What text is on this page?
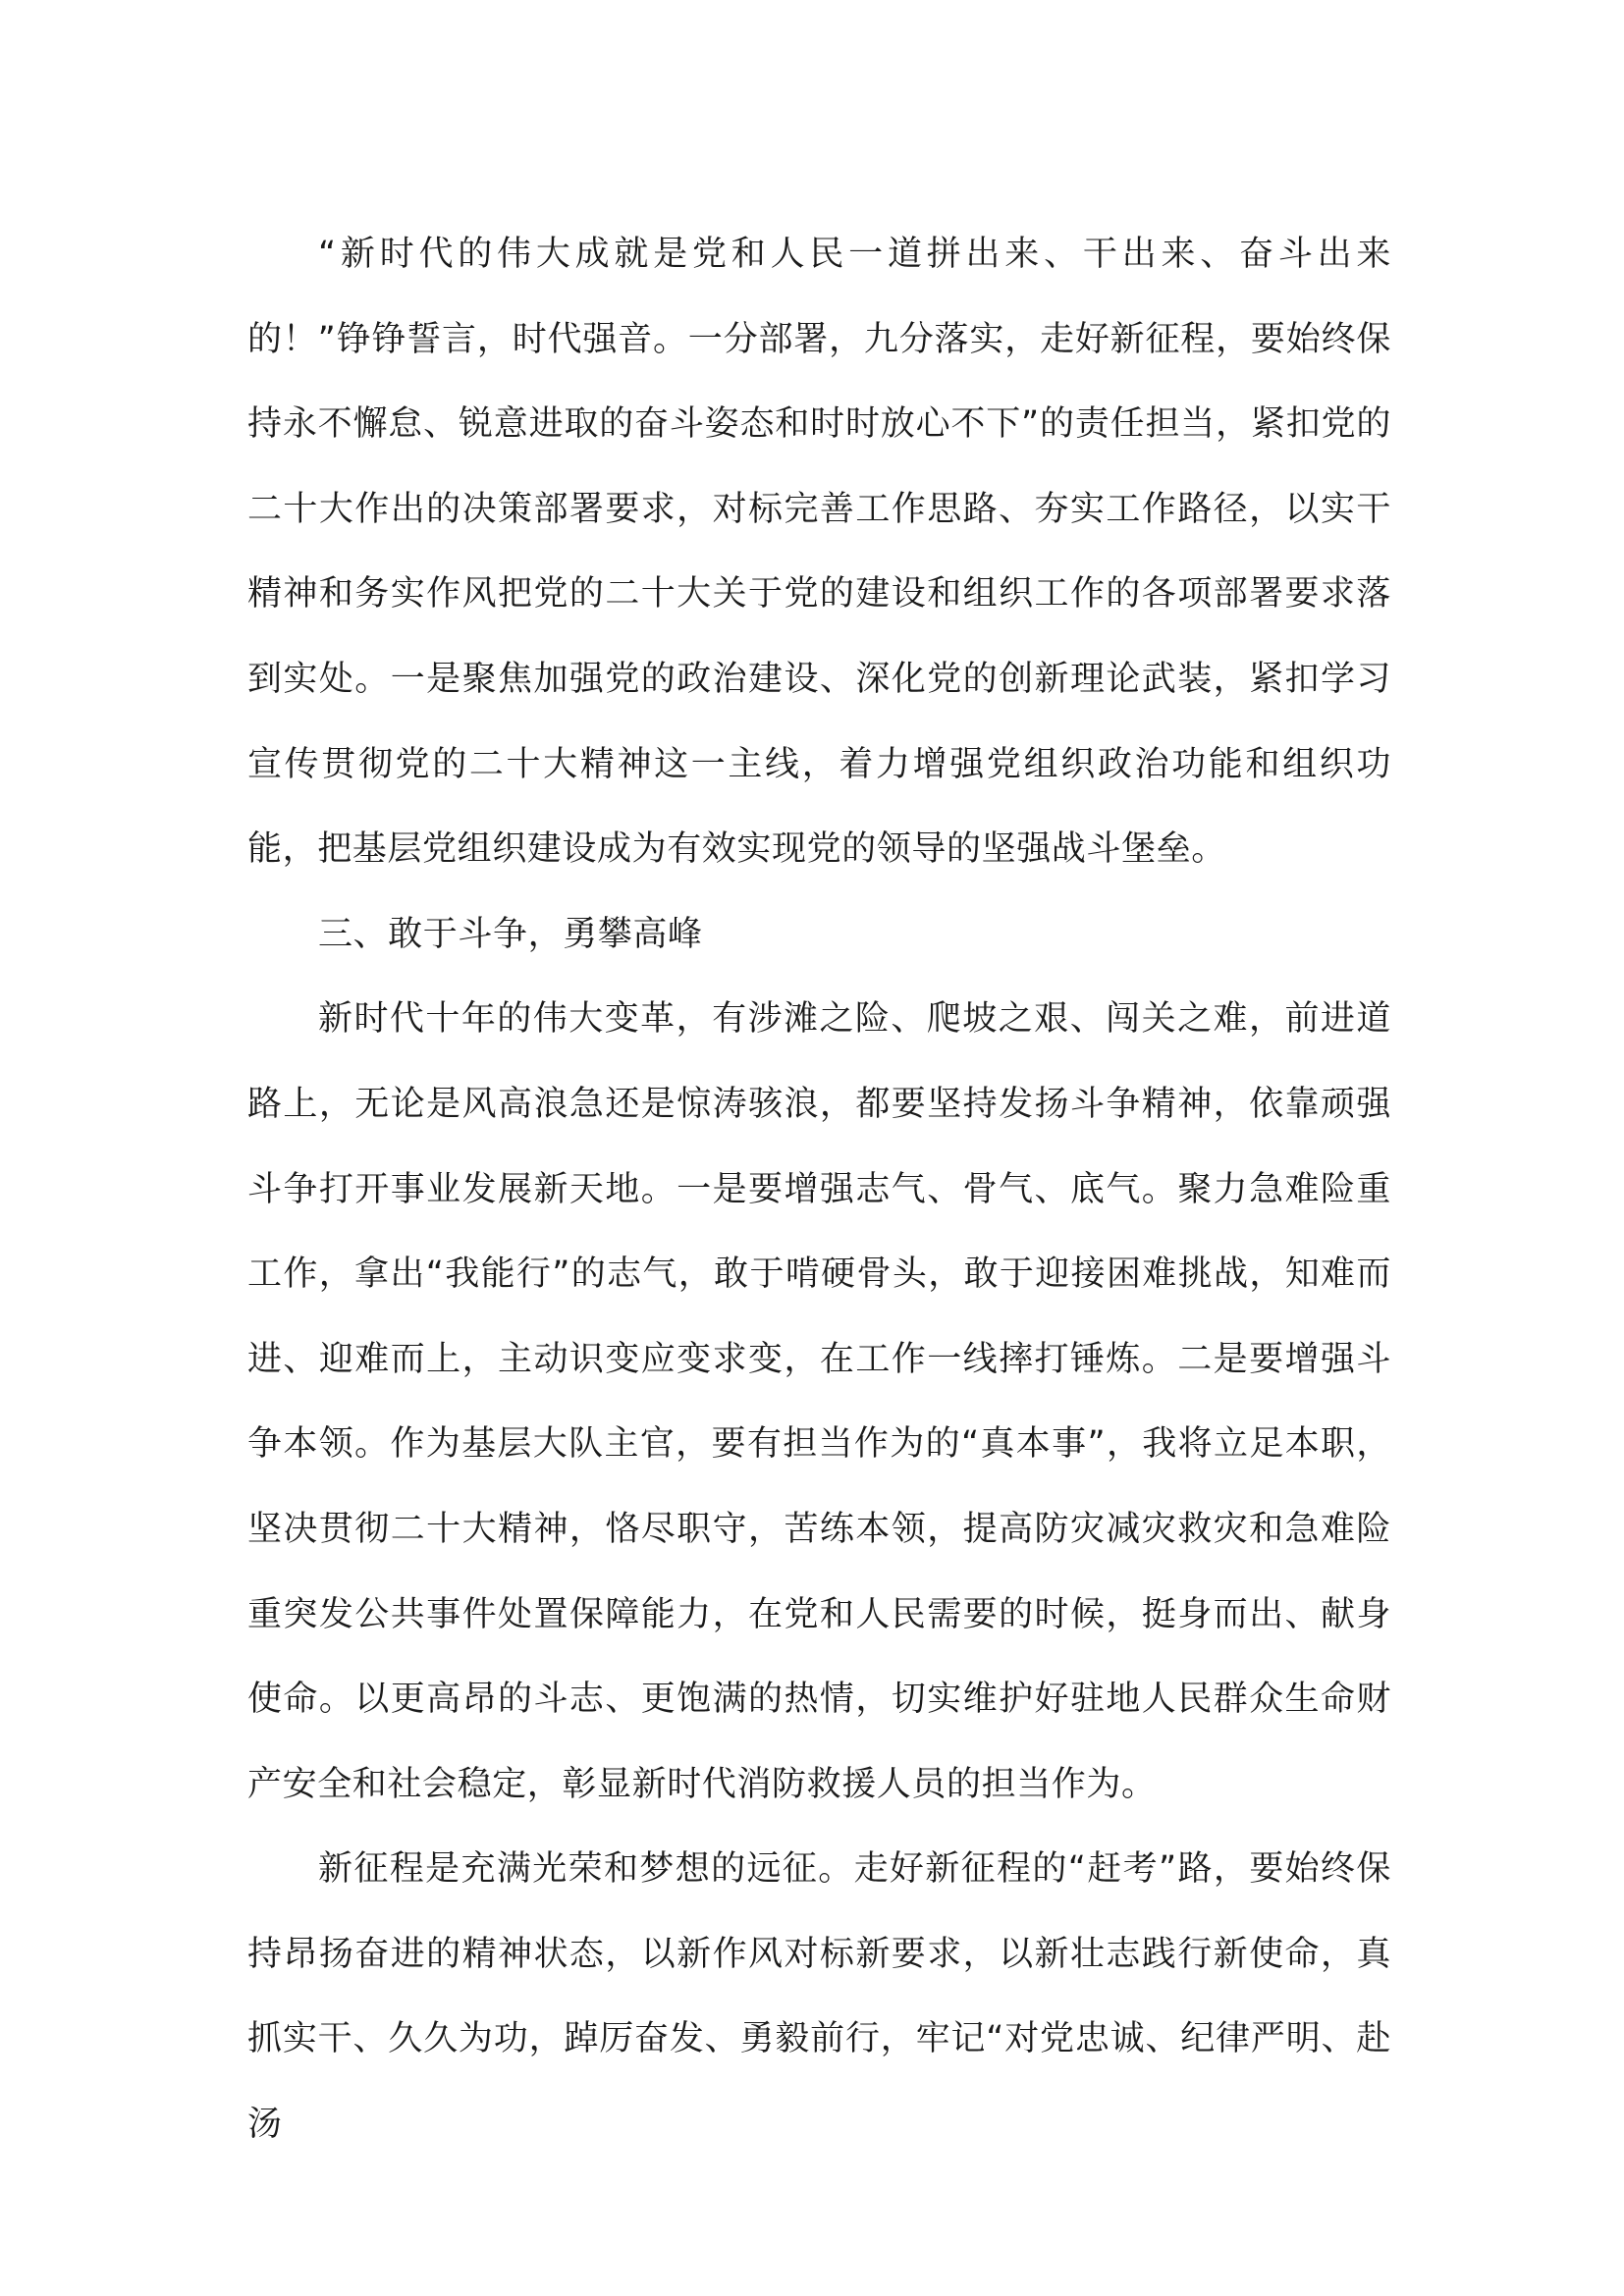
“新时代的伟大成就是党和人民一道拼出来、干出来、奋斗出来的！”铮铮誓言，时代强音。一分部署，九分落实，走好新征程，要始终保持永不懈怠、锐意进取的奋斗姿态和时时放心不下”的责任担当，紧扣党的二十大作出的决策部署要求，对标完善工作思路、夯实工作路径，以实干精神和务实作风把党的二十大关于党的建设和组织工作的各项部署要求落到实处。一是聚焦加强党的政治建设、深化党的创新理论武装，紧扣学习宣传贯彻党的二十大精神这一主线，着力增强党组织政治功能和组织功能，把基层党组织建设成为有效实现党的领导的坚强战斗堡垒。

三、敢于斗争，勇攀高峰

新时代十年的伟大变革，有涉滩之险、爬坡之艰、闯关之难，前进道路上，无论是风高浪急还是惊涛骇浪，都要坚持发扬斗争精神，依靠顽强斗争打开事业发展新天地。一是要增强志气、骨气、底气。聚力急难险重工作，拿出“我能行”的志气，敢于啃硬骨头，敢于迎接困难挑战，知难而进、迎难而上，主动识变应变求变，在工作一线摔打锤炼。二是要增强斗争本领。作为基层大队主官，要有担当作为的“真本事”，我将立足本职，坚决贯彻二十大精神，恪尽职守，苦练本领，提高防灾减灾救灾和急难险重突发公共事件处置保障能力，在党和人民需要的时候，挺身而出、献身使命。以更高昂的斗志、更饱满的热情，切实维护好驻地人民群众生命财产安全和社会稳定，彰显新时代消防救援人员的担当作为。

新征程是充满光荣和梦想的远征。走好新征程的“赶考”路，要始终保持昂扬奋进的精神状态，以新作风对标新要求，以新壮志践行新使命，真抓实干、久久为功，踔厉奋发、勇毅前行，牢记“对党忠诚、纪律严明、赴汤
